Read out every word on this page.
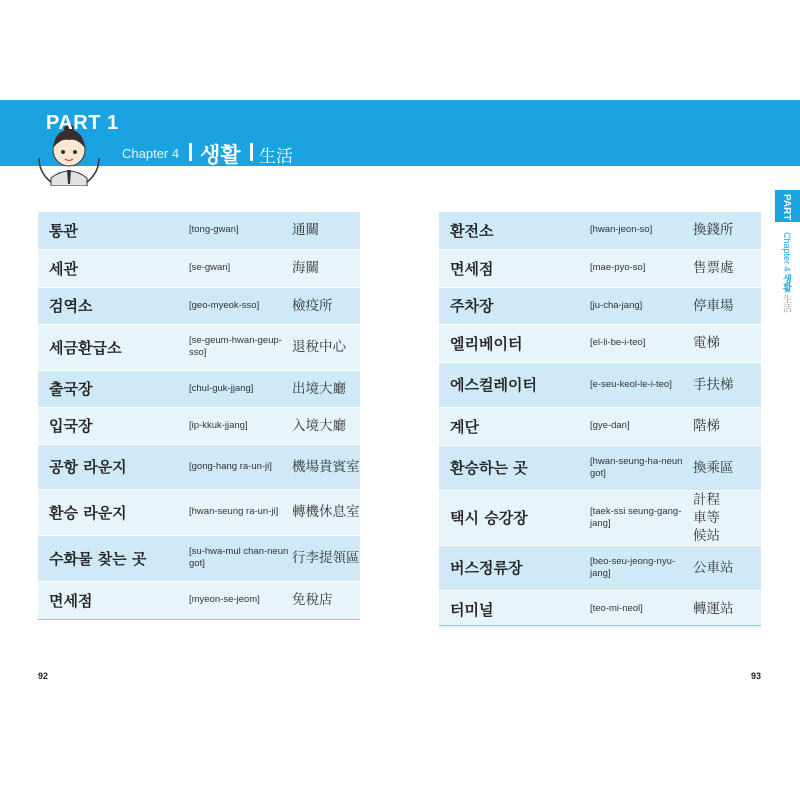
PART 1
Chapter 4 생활 生活
통관	[tong-gwan]	通關
세관	[se-gwan]	海關
검역소	[geo-myeok-sso]	檢疫所
세금환급소	[se-geum-hwan-geup-sso]	退稅中心
출국장	[chul-guk-jjang]	出境大廳
입국장	[ip-kkuk-jjang]	入境大廳
공항 라운지	[gong-hang ra-un-ji]	機場貴賓室
환승 라운지	[hwan-seung ra-un-ji]	轉機休息室
수화물 찾는 곳	[su-hwa-mul chan-neun got]	行李提領區
면세점	[myeon-se-jeom]	免稅店
환전소	[hwan-jeon-so]	換錢所
면세점	[mae-pyo-so]	售票處
주차장	[ju-cha-jang]	停車場
엘리베이터	[el-li-be-i-teo]	電梯
에스컬레이터	[e-seu-keol-le-i-teo]	手扶梯
계단	[gye-dan]	階梯
환승하는 곳	[hwan-seung-ha-neun got]	換乘區
택시 승강장	[taek-ssi seung-gang-jang]	計程車等候站
버스정류장	[beo-seu-jeong-nyu-jang]	公車站
터미널	[teo-mi-neol]	轉運站
PART 1
Chapter 4 생활 生活
92	93
